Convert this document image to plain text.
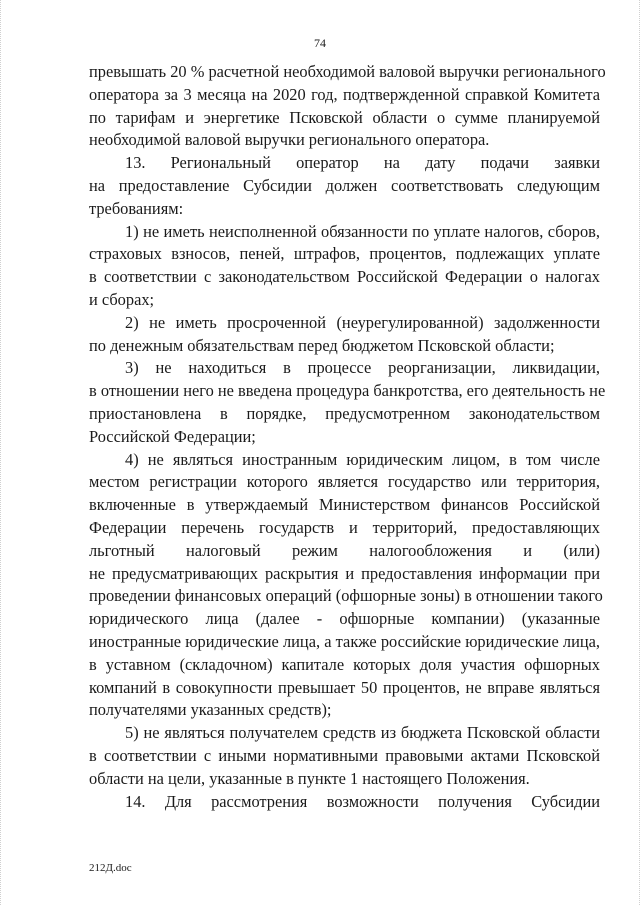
74
превышать 20 % расчетной необходимой валовой выручки регионального
оператора за 3 месяца на 2020 год, подтвержденной справкой Комитета
по тарифам и энергетике Псковской области о сумме планируемой
необходимой валовой выручки регионального оператора.
13. Региональный оператор на дату подачи заявки
на предоставление Субсидии должен соответствовать следующим
требованиям:
1) не иметь неисполненной обязанности по уплате налогов, сборов,
страховых взносов, пеней, штрафов, процентов, подлежащих уплате
в соответствии с законодательством Российской Федерации о налогах
и сборах;
2) не иметь просроченной (неурегулированной) задолженности
по денежным обязательствам перед бюджетом Псковской области;
3) не находиться в процессе реорганизации, ликвидации,
в отношении него не введена процедура банкротства, его деятельность не
приостановлена в порядке, предусмотренном законодательством
Российской Федерации;
4) не являться иностранным юридическим лицом, в том числе
местом регистрации которого является государство или территория,
включенные в утверждаемый Министерством финансов Российской
Федерации перечень государств и территорий, предоставляющих
льготный налоговый режим налогообложения и (или)
не предусматривающих раскрытия и предоставления информации при
проведении финансовых операций (офшорные зоны) в отношении такого
юридического лица (далее - офшорные компании) (указанные
иностранные юридические лица, а также российские юридические лица,
в уставном (складочном) капитале которых доля участия офшорных
компаний в совокупности превышает 50 процентов, не вправе являться
получателями указанных средств);
5) не являться получателем средств из бюджета Псковской области
в соответствии с иными нормативными правовыми актами Псковской
области на цели, указанные в пункте 1 настоящего Положения.
14. Для рассмотрения возможности получения Субсидии
212Д.doc
